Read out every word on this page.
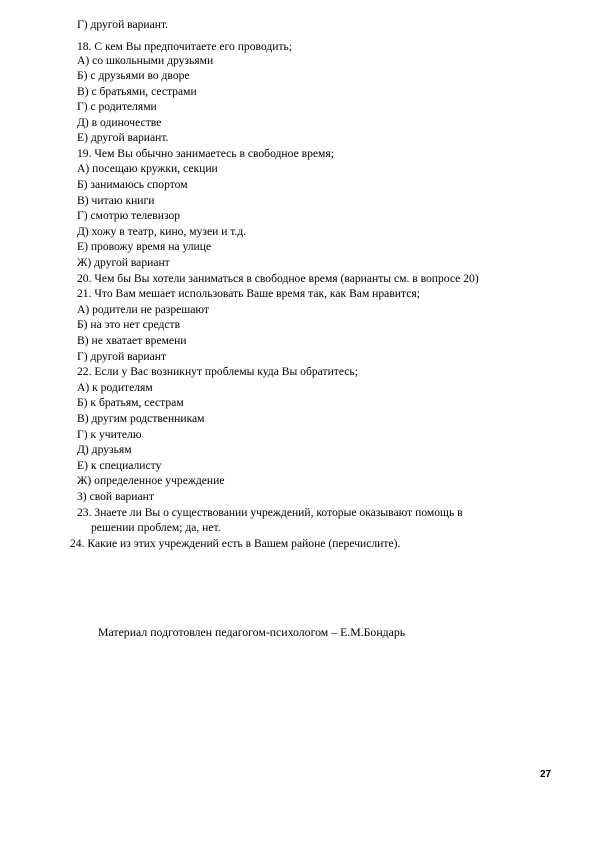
Г) другой вариант.
18. С кем Вы предпочитаете его проводить;
А) со школьными друзьями
Б) с друзьями во дворе
В) с братьями, сестрами
Г) с родителями
Д) в одиночестве
Е) другой вариант.
19. Чем Вы обычно занимаетесь в свободное время;
А) посещаю кружки, секции
Б) занимаюсь спортом
В) читаю книги
Г) смотрю телевизор
Д) хожу в театр, кино, музеи и т.д.
Е) провожу время на улице
Ж) другой вариант
20. Чем бы Вы хотели заниматься в свободное время (варианты см. в вопросе 20)
21. Что Вам мешает использовать Ваше время так, как Вам нравится;
А) родители не разрешают
Б) на это нет средств
В) не хватает времени
Г) другой вариант
22. Если у Вас возникнут проблемы куда Вы обратитесь;
А) к родителям
Б) к братьям, сестрам
В) другим родственникам
Г) к учителю
Д) друзьям
Е) к специалисту
Ж) определенное учреждение
З) свой вариант
23. Знаете ли Вы о существовании учреждений, которые оказывают помощь в
решении проблем; да, нет.
24. Какие из этих учреждений есть в Вашем районе (перечислите).
Материал подготовлен педагогом-психологом – Е.М.Бондарь
27
